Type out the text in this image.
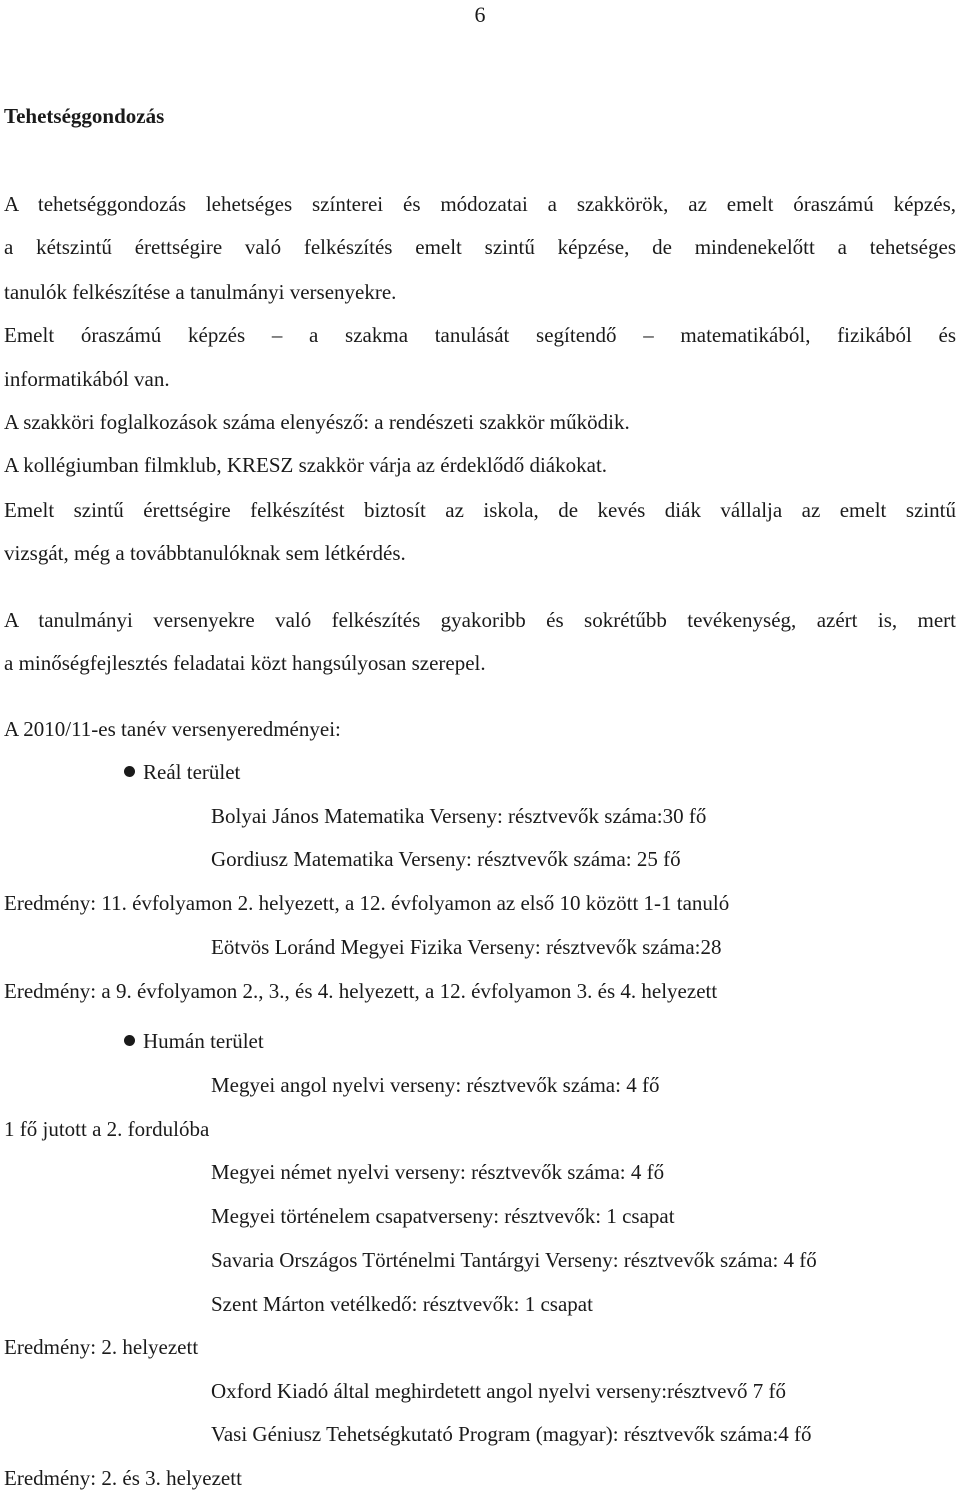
6
Tehetséggondozás
A tehetséggondozás lehetséges színterei és módozatai a szakkörök, az emelt óraszámú képzés,
a kétszintű érettségire való felkészítés emelt szintű képzése, de mindenekelőtt a tehetséges
tanulók felkészítése a tanulmányi versenyekre.
Emelt óraszámú képzés – a szakma tanulását segítendő – matematikából, fizikából és
informatikából van.
A szakköri foglalkozások száma elenyésző: a rendészeti szakkör működik.
A kollégiumban filmklub, KRESZ szakkör várja az érdeklődő diákokat.
Emelt szintű érettségire felkészítést biztosít az iskola, de kevés diák vállalja az emelt szintű
vizsgát, még a továbbtanulóknak sem létkérdés.
A tanulmányi versenyekre való felkészítés gyakoribb és sokrétűbb tevékenység, azért is, mert
a minőségfejlesztés feladatai közt hangsúlyosan szerepel.
A 2010/11-es tanév versenyeredményei:
Reál terület
Bolyai János Matematika Verseny: résztvevők száma:30 fő
Gordiusz Matematika Verseny: résztvevők száma: 25 fő
Eredmény: 11. évfolyamon 2. helyezett, a 12. évfolyamon az első 10 között 1-1 tanuló
Eötvös Loránd Megyei Fizika Verseny: résztvevők száma:28
Eredmény: a 9. évfolyamon 2., 3., és 4. helyezett, a 12. évfolyamon 3. és 4. helyezett
Humán terület
Megyei angol nyelvi verseny: résztvevők száma: 4 fő
1 fő jutott a 2. fordulóba
Megyei német nyelvi verseny: résztvevők száma: 4 fő
Megyei történelem csapatverseny: résztvevők: 1 csapat
Savaria Országos Történelmi Tantárgyi Verseny: résztvevők száma: 4 fő
Szent Márton vetélkedő: résztvevők: 1 csapat
Eredmény: 2. helyezett
Oxford Kiadó által meghirdetett angol nyelvi verseny:résztvevő 7 fő
Vasi Géniusz Tehetségkutató Program (magyar): résztvevők száma:4 fő
Eredmény: 2. és 3. helyezett
